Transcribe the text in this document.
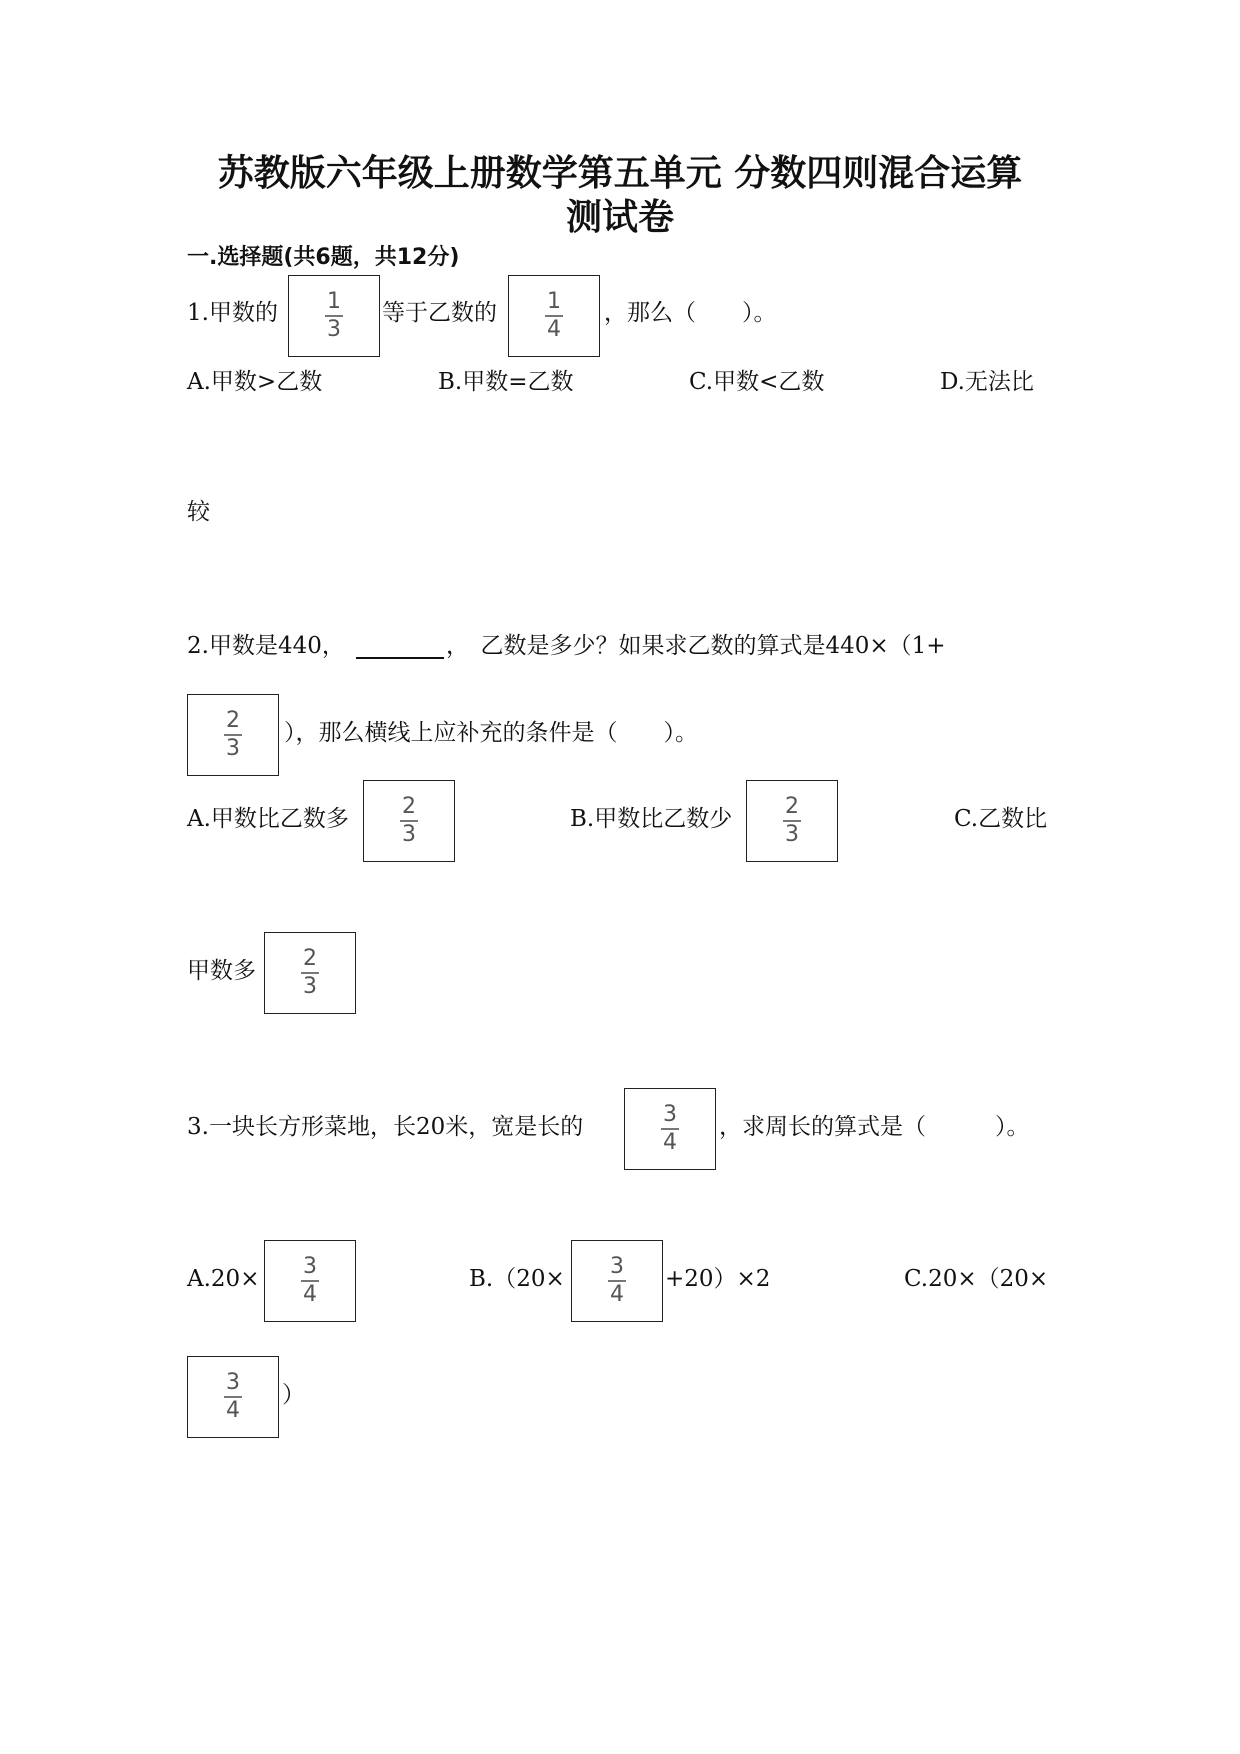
苏教版六年级上册数学第五单元 分数四则混合运算
测试卷
一.选择题(共6题，共12分)
1.甲数的 1
3
等于乙数的 1
4
，那么（　　）。
A.甲数>乙数	B.甲数=乙数	C.甲数<乙数	D.无法比
较
2.甲数是440，	，　乙数是多少？如果求乙数的算式是440×（1+
2
3
），那么横线上应补充的条件是（　　）。
A.甲数比乙数多 2
3
B.甲数比乙数少 2
3
C.乙数比
甲数多 2
3
3.一块长方形菜地，长20米，宽是长的	3
4
，求周长的算式是（　　　）。
A.20× 3
4
B.（20× 3
4
+20）×2	C.20×（20×
3
4
）
